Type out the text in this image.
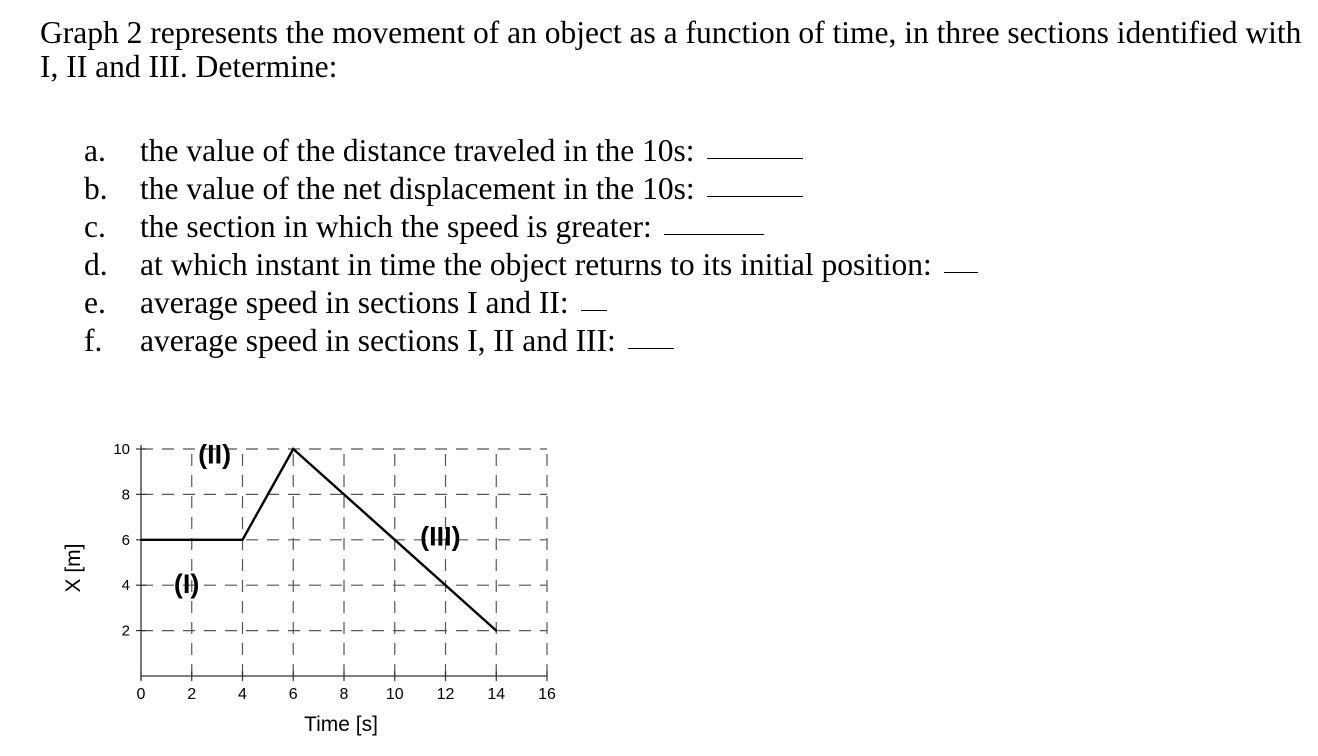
Graph 2 represents the movement of an object as a function of time, in three sections identified with I, II and III. Determine:
a.	the value of the distance traveled in the 10s:
b.	the value of the net displacement in the 10s:
c.	the section in which the speed is greater:
d.	at which instant in time the object returns to its initial position:
e.	average speed in sections I and II:
f.	average speed in sections I, II and III:
0	2	4	6	8 10 12 14 16
2
4
6
8
10
(I)
(II)
(III)
Time [s]
X [m]
